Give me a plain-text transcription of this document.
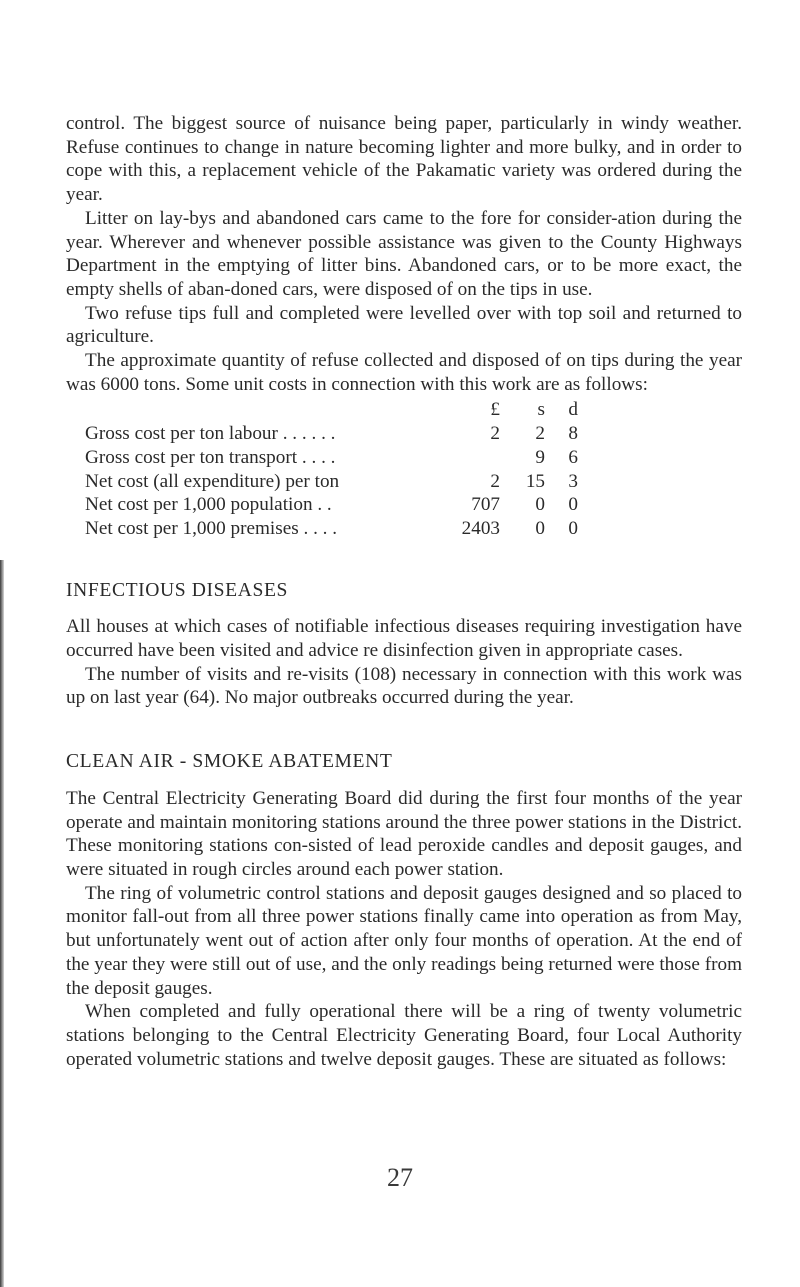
control. The biggest source of nuisance being paper, particularly in windy weather. Refuse continues to change in nature becoming lighter and more bulky, and in order to cope with this, a replacement vehicle of the Pakamatic variety was ordered during the year.

Litter on lay-bys and abandoned cars came to the fore for consider-ation during the year. Wherever and whenever possible assistance was given to the County Highways Department in the emptying of litter bins. Abandoned cars, or to be more exact, the empty shells of aban-doned cars, were disposed of on the tips in use.

Two refuse tips full and completed were levelled over with top soil and returned to agriculture.

The approximate quantity of refuse collected and disposed of on tips during the year was 6000 tons. Some unit costs in connection with this work are as follows:

	£	s	d
Gross cost per ton labour . . . . . .	2	2	8
Gross cost per ton transport . . . .		9	6
Net cost (all expenditure) per ton	2	15	3
Net cost per 1,000 population . .	707	0	0
Net cost per 1,000 premises . . . .	2403	0	0
INFECTIOUS DISEASES

All houses at which cases of notifiable infectious diseases requiring investigation have occurred have been visited and advice re disinfection given in appropriate cases.

The number of visits and re-visits (108) necessary in connection with this work was up on last year (64). No major outbreaks occurred during the year.

CLEAN AIR - SMOKE ABATEMENT

The Central Electricity Generating Board did during the first four months of the year operate and maintain monitoring stations around the three power stations in the District. These monitoring stations con-sisted of lead peroxide candles and deposit gauges, and were situated in rough circles around each power station.

The ring of volumetric control stations and deposit gauges designed and so placed to monitor fall-out from all three power stations finally came into operation as from May, but unfortunately went out of action after only four months of operation. At the end of the year they were still out of use, and the only readings being returned were those from the deposit gauges.

When completed and fully operational there will be a ring of twenty volumetric stations belonging to the Central Electricity Generating Board, four Local Authority operated volumetric stations and twelve deposit gauges. These are situated as follows:

27
